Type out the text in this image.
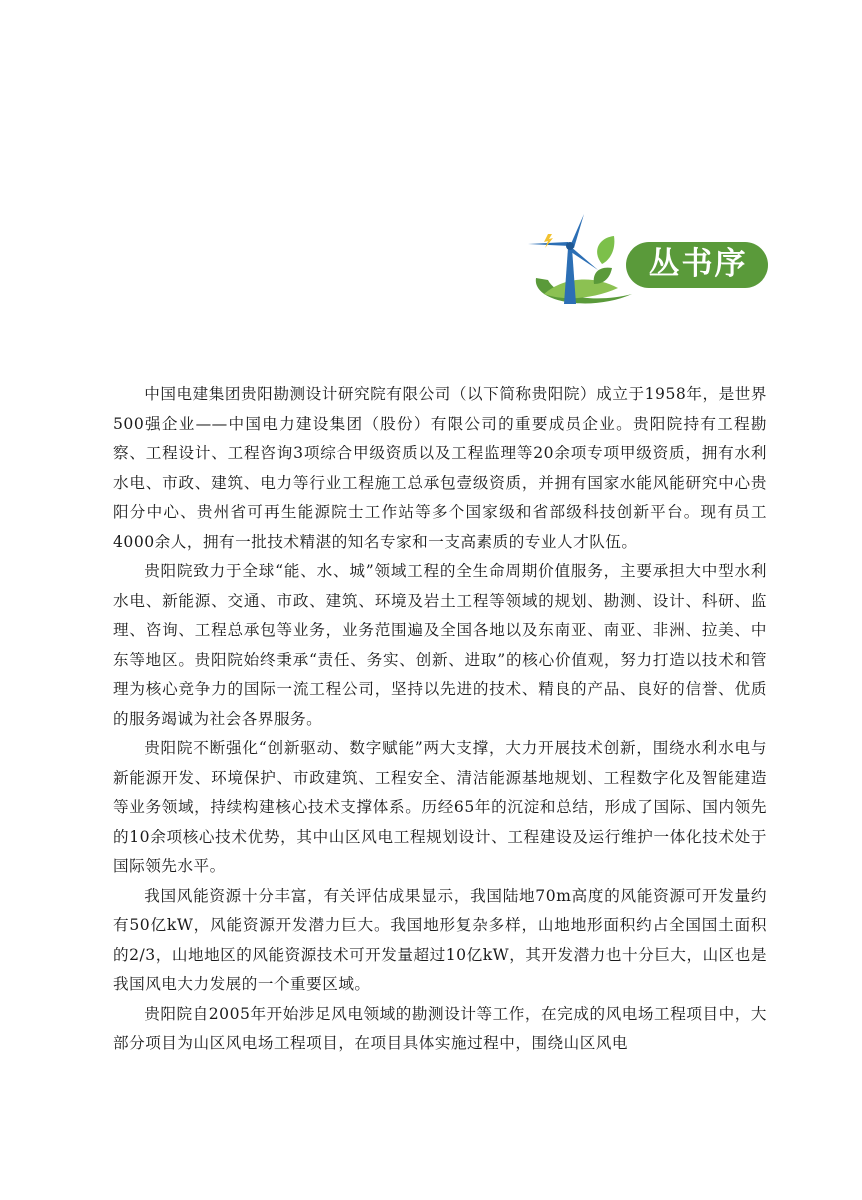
丛书序

中国电建集团贵阳勘测设计研究院有限公司（以下简称贵阳院）成立于1958年，是世界500强企业——中国电力建设集团（股份）有限公司的重要成员企业。贵阳院持有工程勘察、工程设计、工程咨询3项综合甲级资质以及工程监理等20余项专项甲级资质，拥有水利水电、市政、建筑、电力等行业工程施工总承包壹级资质，并拥有国家水能风能研究中心贵阳分中心、贵州省可再生能源院士工作站等多个国家级和省部级科技创新平台。现有员工4000余人，拥有一批技术精湛的知名专家和一支高素质的专业人才队伍。

贵阳院致力于全球“能、水、城”领域工程的全生命周期价值服务，主要承担大中型水利水电、新能源、交通、市政、建筑、环境及岩土工程等领域的规划、勘测、设计、科研、监理、咨询、工程总承包等业务，业务范围遍及全国各地以及东南亚、南亚、非洲、拉美、中东等地区。贵阳院始终秉承“责任、务实、创新、进取”的核心价值观，努力打造以技术和管理为核心竞争力的国际一流工程公司，坚持以先进的技术、精良的产品、良好的信誉、优质的服务竭诚为社会各界服务。

贵阳院不断强化“创新驱动、数字赋能”两大支撑，大力开展技术创新，围绕水利水电与新能源开发、环境保护、市政建筑、工程安全、清洁能源基地规划、工程数字化及智能建造等业务领域，持续构建核心技术支撑体系。历经65年的沉淀和总结，形成了国际、国内领先的10余项核心技术优势，其中山区风电工程规划设计、工程建设及运行维护一体化技术处于国际领先水平。

我国风能资源十分丰富，有关评估成果显示，我国陆地70m高度的风能资源可开发量约有50亿kW，风能资源开发潜力巨大。我国地形复杂多样，山地地形面积约占全国国土面积的2/3，山地地区的风能资源技术可开发量超过10亿kW，其开发潜力也十分巨大，山区也是我国风电大力发展的一个重要区域。

贵阳院自2005年开始涉足风电领域的勘测设计等工作，在完成的风电场工程项目中，大部分项目为山区风电场工程项目，在项目具体实施过程中，围绕山区风电
